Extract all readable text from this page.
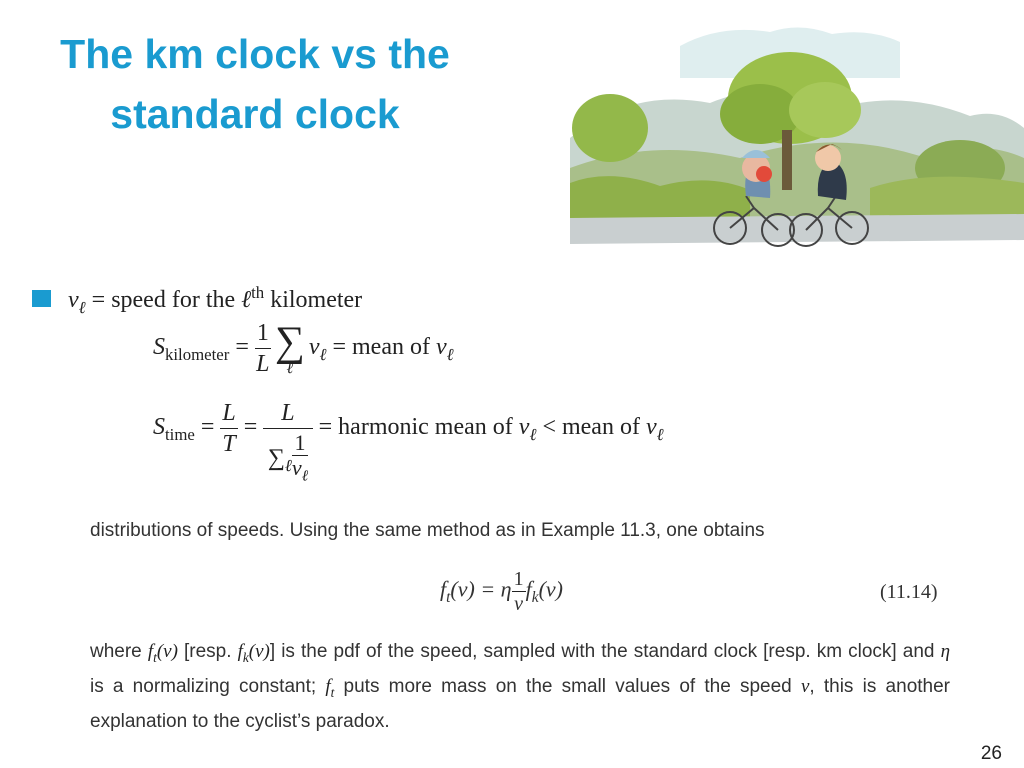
The km clock vs the
standard clock
$v_\ell$ = speed for the ℓ$^{th}$ kilometer
$S_{kilometer} = \frac{1}{L}$ ∑
ℓ
$v_\ell$ = mean of $v_\ell$
$S_{time} = \frac{L}{T} = \frac{L}{\sum_\ell \frac{1}{v_\ell}}$ = harmonic mean of $v_\ell$ < mean of $v_\ell$
distributions of speeds. Using the same method as in Example 11.3, one obtains
$f_t(v) = \eta \frac{1}{v} f_k(v)$	(11.14)
where $f_t(v)$ [resp. $f_k(v)$] is the pdf of the speed, sampled with the standard clock [resp. km clock] and η is a normalizing constant; $f_t$ puts more mass on the small values of the speed v, this is another explanation to the cyclist’s paradox.
26
